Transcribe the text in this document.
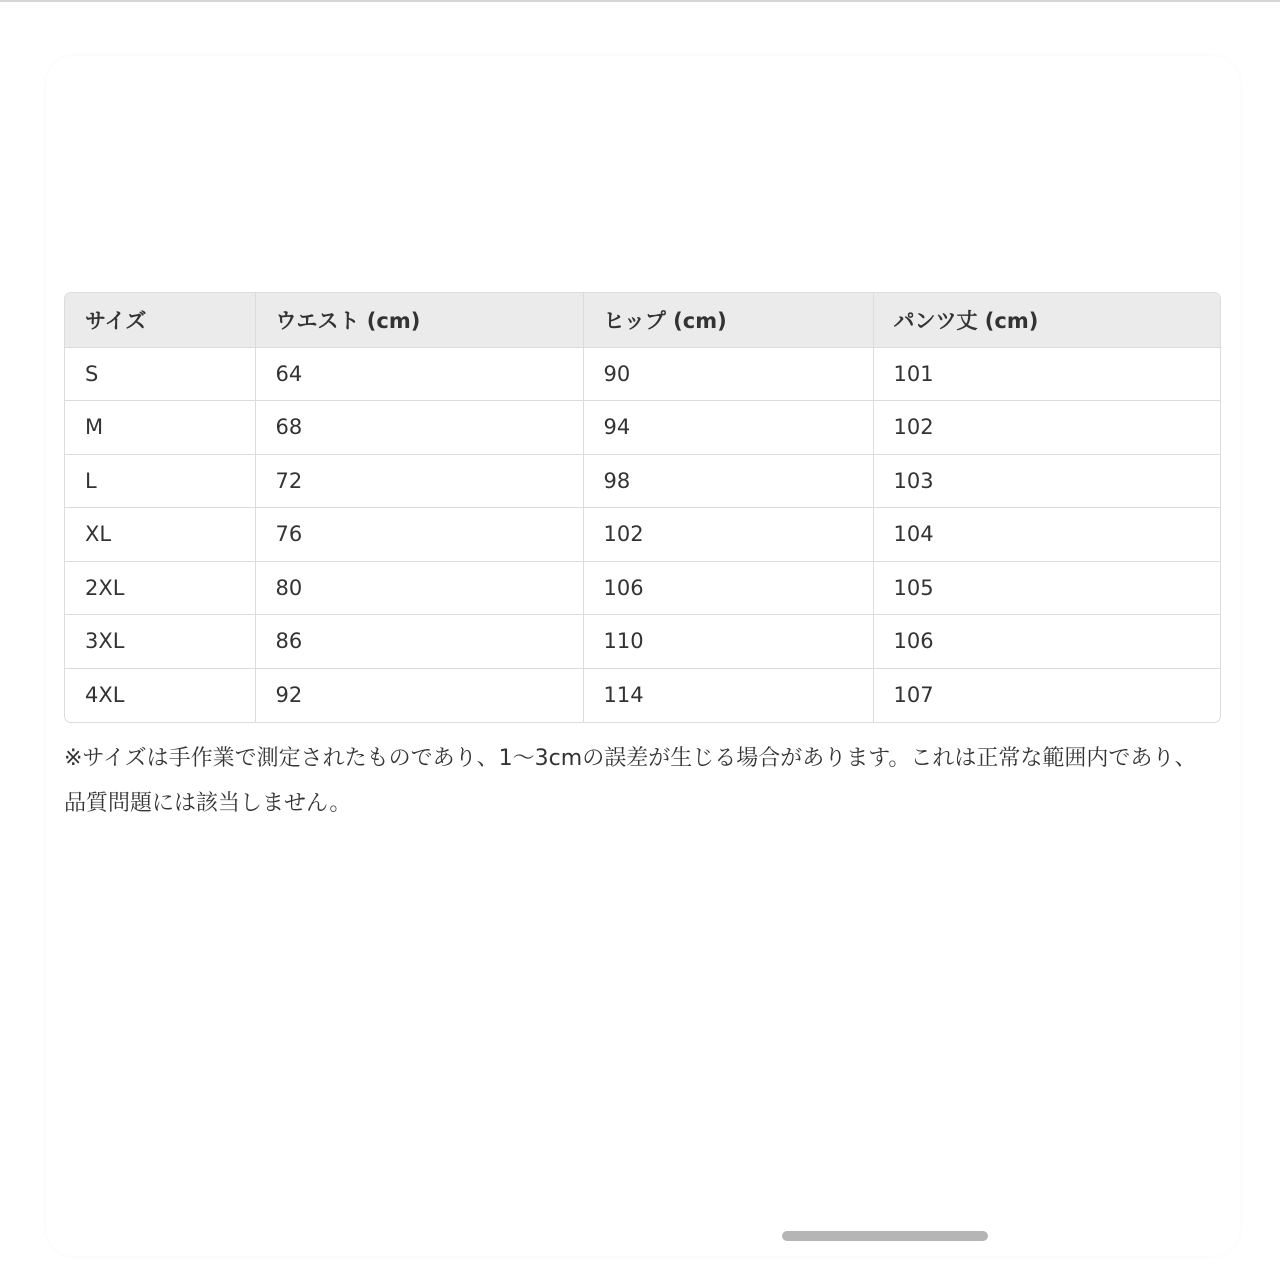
サイズ	ウエスト (cm)	ヒップ (cm)	パンツ丈 (cm)
S	64	90	101
M	68	94	102
L	72	98	103
XL	76	102	104
2XL	80	106	105
3XL	86	110	106
4XL	92	114	107

※サイズは手作業で測定されたものであり、1～3cmの誤差が生じる場合があります。これは正常な範囲内であり、
品質問題には該当しません。
